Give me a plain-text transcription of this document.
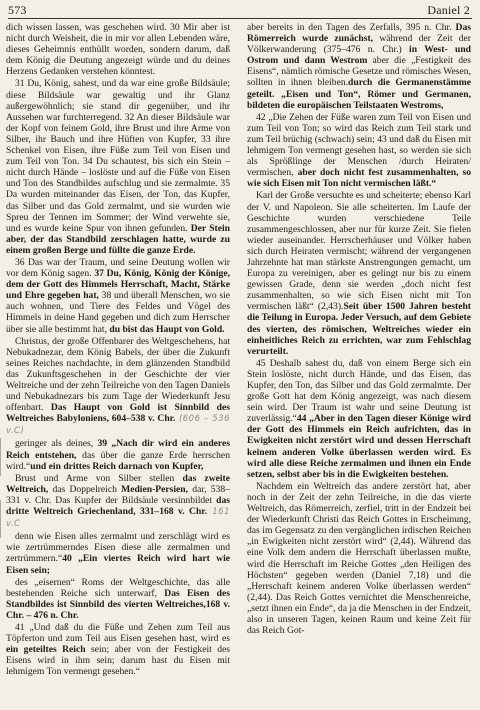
573	Daniel 2

dich wissen lassen, was geschehen wird. 30 Mir aber ist nicht durch Weisheit, die in mir vor allen Lebenden wäre, dieses Geheimnis enthüllt worden, sondern darum, daß dem König die Deutung angezeigt würde und du deines Herzens Gedanken verstehen könntest.

31 Du, König, sahest, und da war eine große Bildsäule; diese Bildsäule war gewaltig und ihr Glanz außergewöhnlich; sie stand dir gegenüber, und ihr Aussehen war furchterregend. 32 An dieser Bildsäule war der Kopf von feinem Gold, ihre Brust und ihre Arme von Silber, ihr Bauch und ihre Hüften von Kupfer, 33 ihre Schenkel von Eisen, ihre Füße zum Teil von Eisen und zum Teil von Ton. 34 Du schautest, bis sich ein Stein – nicht durch Hände – loslöste und auf die Füße von Eisen und Ton des Standbildes aufschlug und sie zermalmte. 35 Da wurden miteinander das Eisen, der Ton, das Kupfer, das Silber und das Gold zermalmt, und sie wurden wie Spreu der Tennen im Sommer; der Wind verwehte sie, und es wurde keine Spur von ihnen gefunden. Der Stein aber, der das Standbild zerschlagen hatte, wurde zu einem großen Berge und füllte die ganze Erde.

36 Das war der Traum, und seine Deutung wollen wir vor dem König sagen. 37 Du, König, König der Könige, dem der Gott des Himmels Herrschaft, Macht, Stärke und Ehre gegeben hat, 38 und überall Menschen, wo sie auch wohnen, und Tiere des Feldes und Vögel des Himmels in deine Hand gegeben und dich zum Herrscher über sie alle bestimmt hat, du bist das Haupt von Gold.

Christus, der große Offenbarer des Weltgeschehens, hat Nebukadnezar, dem König Babels, der über die Zukunft seines Reiches nachdachte, in dem glänzenden Standbild das Zukunftsgeschehen in der Geschichte der vier Weltreiche und der zehn Teilreiche von den Tagen Daniels und Nebukadnezars bis zum Tage der Wiederkunft Jesu offenbart. Das Haupt von Gold ist Sinnbild des Weltreiches Babyloniens, 604–538 v. Chr. (606 – 536 v.C)

geringer als deines, 39 „Nach dir wird ein anderes Reich entstehen, das über die ganze Erde herrschen wird.“und ein drittes Reich darnach von Kupfer,

Brust und Arme von Silber stellen das zweite Weltreich, das Doppelreich Medien-Persien, dar, 538–331 v. Chr. Das Kupfer der Bildsäule versinnbildet das dritte Weltreich Griechenland, 331–168 v. Chr. 161 v.C

denn wie Eisen alles zermalmt und zerschlägt wird es wie zertrümmerndes Eisen diese alle zermalmen und zertrümmern.“40 „Ein viertes Reich wird hart wie Eisen sein;

des „eisernen“ Roms der Weltgeschichte, das alle bestehenden Reiche sich unterwarf, Das Eisen des Standbildes ist Sinnbild des vierten Weltreiches,168 v. Chr. – 476 n. Chr.

41 „Und daß du die Füße und Zehen zum Teil aus Töpferton und zum Teil aus Eisen gesehen hast, wird es ein geteiltes Reich sein; aber von der Festigkeit des Eisens wird in ihm sein; darum hast du Eisen mit lehmigem Ton vermengt gesehen.“

aber bereits in den Tagen des Zerfalls, 395 n. Chr. Das Römerreich wurde zunächst, während der Zeit der Völkerwanderung (375–476 n. Chr.) in West- und Ostrom und dann Westrom aber die „Festigkeit des Eisens“, nämlich römische Gesetze und römisches Wesen, sollten in ihnen bleiben.durch die Germanenstämme geteilt. „Eisen und Ton“, Römer und Germanen, bildeten die europäischen Teilstaaten Westroms,

42 „Die Zehen der Füße waren zum Teil von Eisen und zum Teil von Ton; so wird das Reich zum Teil stark und zum Teil brüchig (schwach) sein; 43 und daß du Eisen mit lehmigem Ton vermengt gesehen hast, so werden sie sich als Sprößlinge der Menschen /durch Heiraten/ vermischen, aber doch nicht fest zusammenhalten, so wie sich Eisen mit Ton nicht vermischen läßt.“

Karl der Große versuchte es und scheiterte; ebenso Karl der V. und Napoleon. Sie alle scheiterten. Im Laufe der Geschichte wurden verschiedene Teile zusammengeschlossen, aber nur für kurze Zeit. Sie fielen wieder auseinander. Herrscherhäuser und Völker haben sich durch Heiraten vermischt; während der vergangenen Jahrzehnte hat man stärkste Anstrengungen gemacht, um Europa zu vereinigen, aber es gelingt nur bis zu einem gewissen Grade, denn sie werden „doch nicht fest zusammenhalten, so wie sich Eisen nicht mit Ton vermischen läßt“ (2,43).Seit über 1500 Jahren besteht die Teilung in Europa. Jeder Versuch, auf dem Gebiete des vierten, des römischen, Weltreiches wieder ein einheitliches Reich zu errichten, war zum Fehlschlag verurteilt.

45 Deshalb sahest du, daß von einem Berge sich ein Stein loslöste, nicht durch Hände, und das Eisen, das Kupfer, den Ton, das Silber und das Gold zermalmte. Der große Gott hat dem König angezeigt, was nach diesem sein wird. Der Traum ist wahr und seine Deutung ist zuverlässig.“44 „Aber in den Tagen dieser Könige wird der Gott des Himmels ein Reich aufrichten, das in Ewigkeiten nicht zerstört wird und dessen Herrschaft keinem anderen Volke überlassen werden wird. Es wird alle diese Reiche zermalmen und ihnen ein Ende setzen, selbst aber bis in die Ewigkeiten bestehen.

Nachdem ein Weltreich das andere zerstört hat, aber noch in der Zeit der zehn Teilreiche, in die das vierte Weltreich, das Römerreich, zerfiel, tritt in der Endzeit bei der Wiederkunft Christi das Reich Gottes in Erscheinung, das im Gegensatz zu den vergänglichen irdischen Reichen „in Ewigkeiten nicht zerstört wird“ (2,44). Während das eine Volk dem andern die Herrschaft überlassen mußte, wird die Herrschaft im Reiche Gottes „den Heiligen des Höchsten“ gegeben werden (Daniel 7,18) und die „Herrschaft keinem anderen Volke überlassen werden“ (2,44). Das Reich Gottes vernichtet die Menschenreiche, „setzt ihnen ein Ende“, da ja die Menschen in der Endzeit, also in unseren Tagen, keinen Raum und keine Zeit für das Reich Got-
